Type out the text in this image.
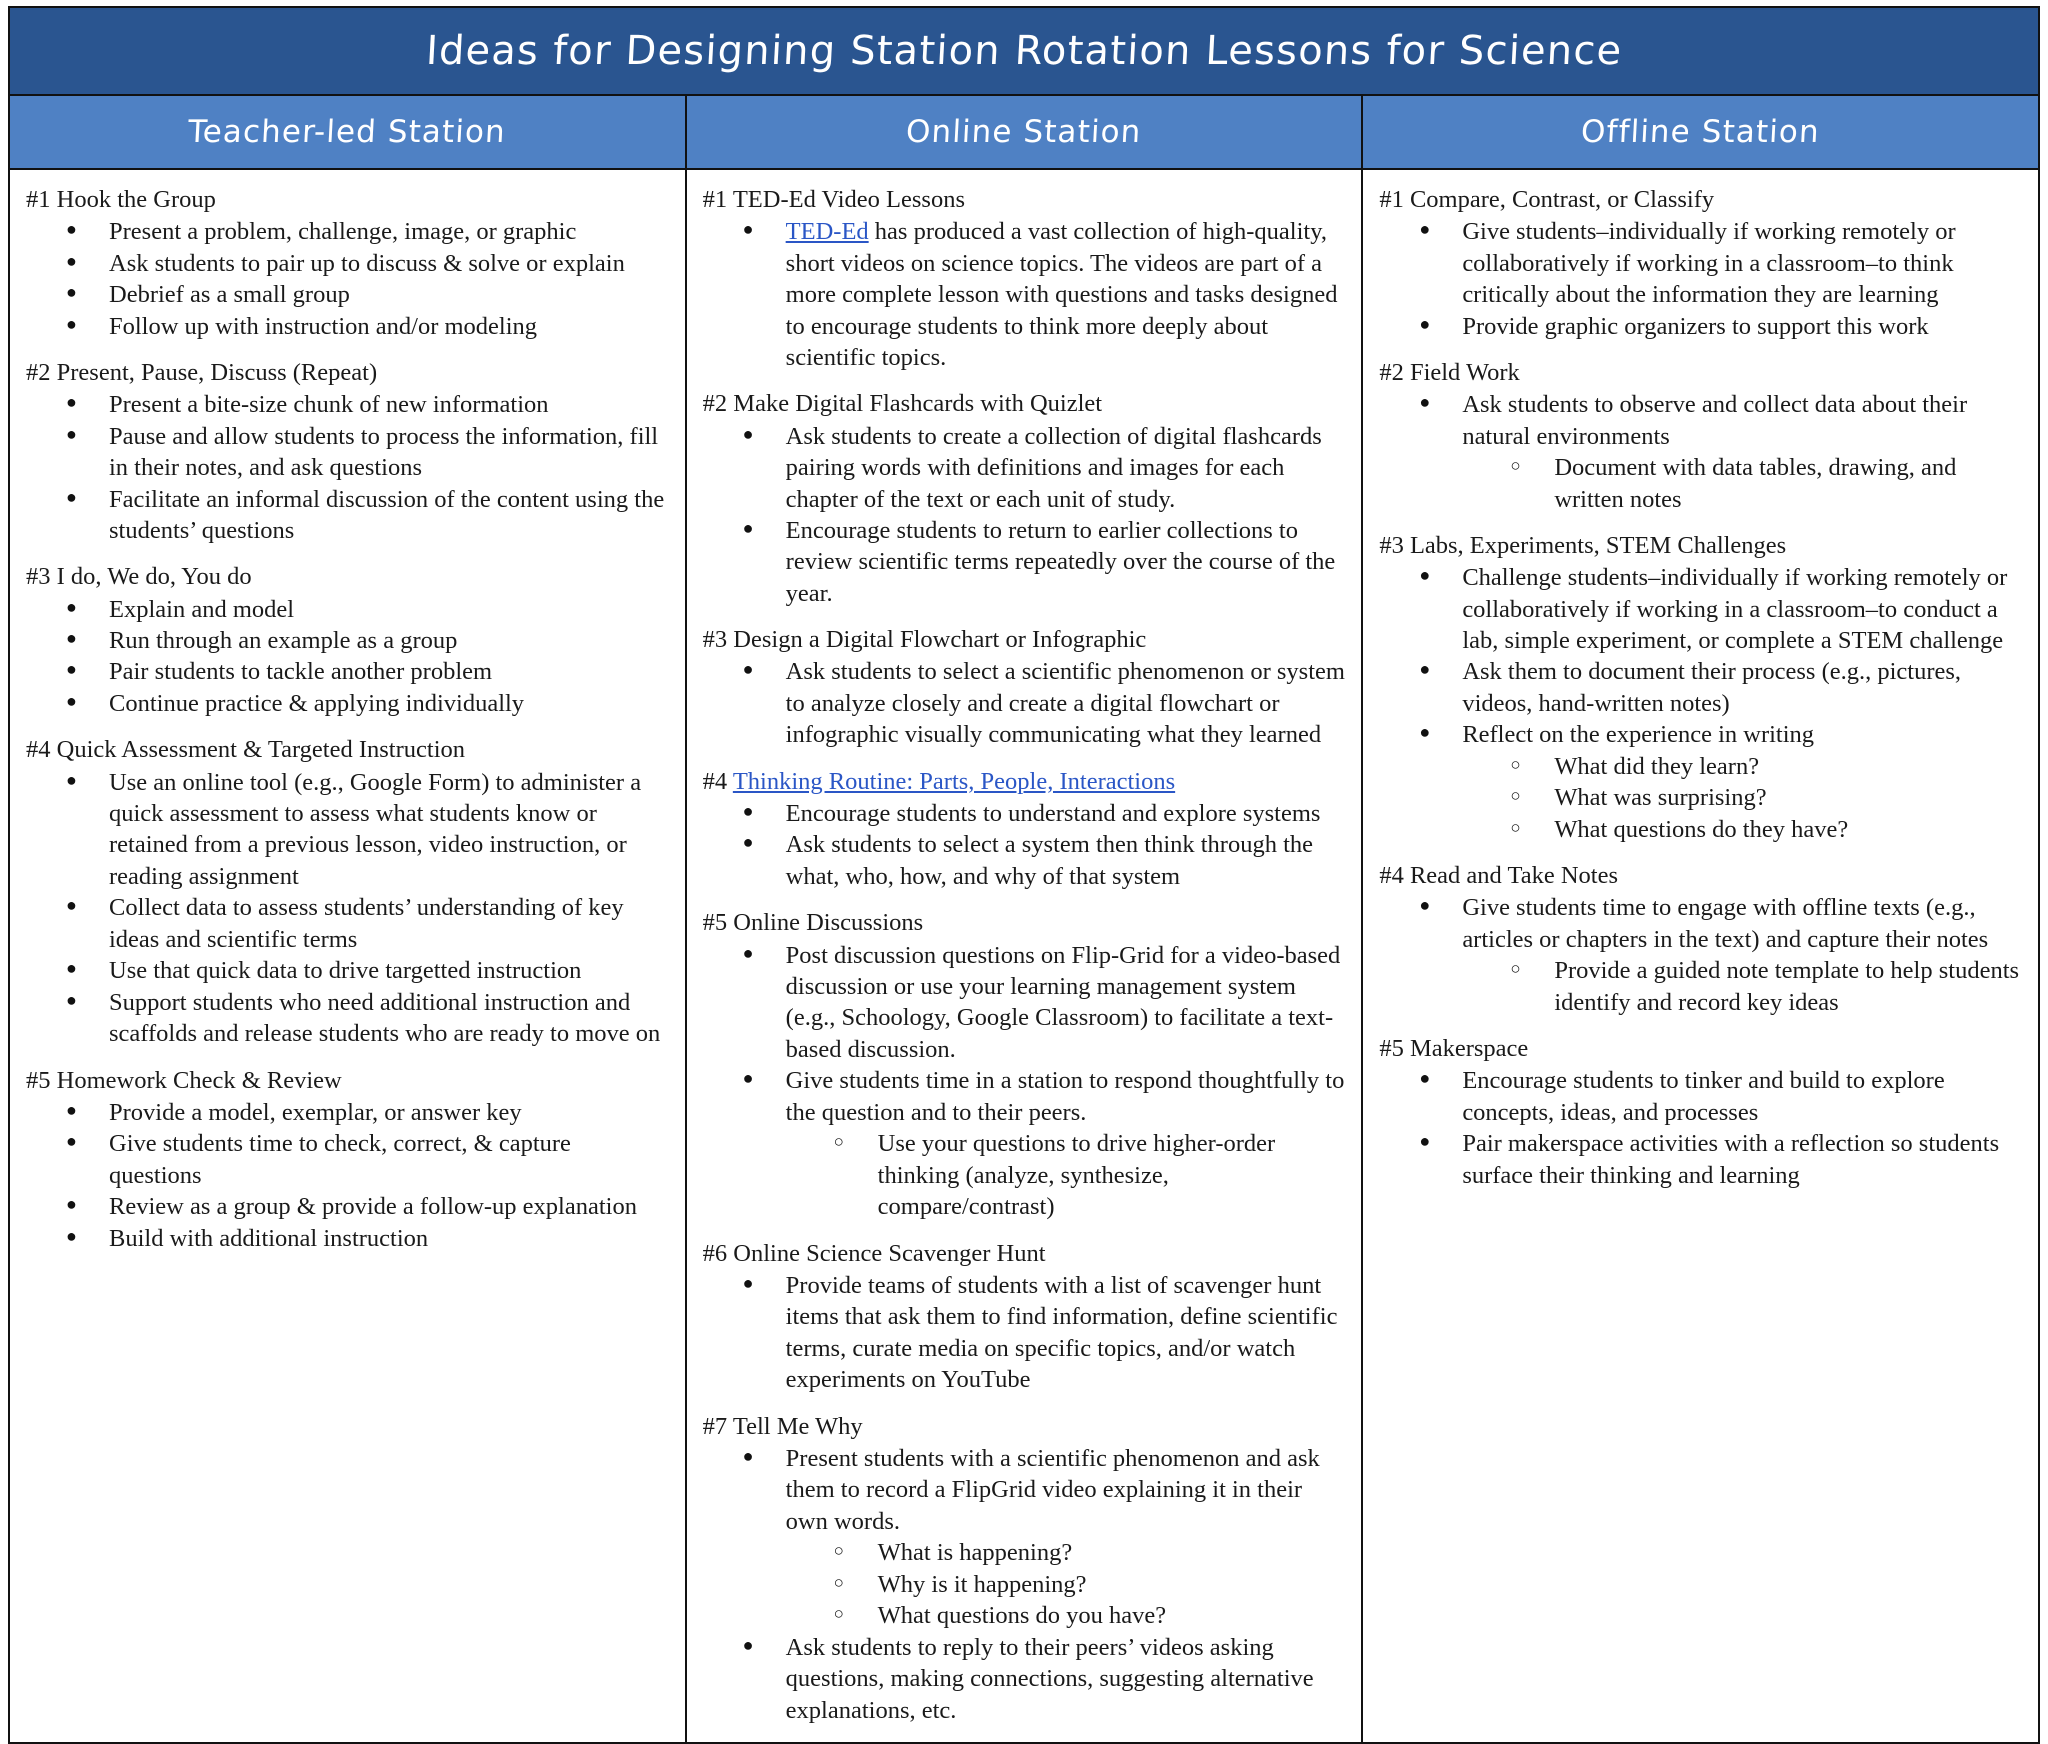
Ideas for Designing Station Rotation Lessons for Science		
Teacher-led Station	Online Station	Offline Station

#1 Hook the Group
● Present a problem, challenge, image, or graphic
● Ask students to pair up to discuss & solve or explain
● Debrief as a small group
● Follow up with instruction and/or modeling
#2 Present, Pause, Discuss (Repeat)
● Present a bite-size chunk of new information
● Pause and allow students to process the information, fill in their notes, and ask questions
● Facilitate an informal discussion of the content using the students’ questions
#3 I do, We do, You do
● Explain and model
● Run through an example as a group
● Pair students to tackle another problem
● Continue practice & applying individually
#4 Quick Assessment & Targeted Instruction
● Use an online tool (e.g., Google Form) to administer a quick assessment to assess what students know or retained from a previous lesson, video instruction, or reading assignment
● Collect data to assess students’ understanding of key ideas and scientific terms
● Use that quick data to drive targetted instruction
● Support students who need additional instruction and scaffolds and release students who are ready to move on
#5 Homework Check & Review
● Provide a model, exemplar, or answer key
● Give students time to check, correct, & capture questions
● Review as a group & provide a follow-up explanation
● Build with additional instruction

#1 TED-Ed Video Lessons
● TED-Ed has produced a vast collection of high-quality, short videos on science topics. The videos are part of a more complete lesson with questions and tasks designed to encourage students to think more deeply about scientific topics.
#2 Make Digital Flashcards with Quizlet
● Ask students to create a collection of digital flashcards pairing words with definitions and images for each chapter of the text or each unit of study.
● Encourage students to return to earlier collections to review scientific terms repeatedly over the course of the year.
#3 Design a Digital Flowchart or Infographic
● Ask students to select a scientific phenomenon or system to analyze closely and create a digital flowchart or infographic visually communicating what they learned
#4 Thinking Routine: Parts, People, Interactions
● Encourage students to understand and explore systems
● Ask students to select a system then think through the what, who, how, and why of that system
#5 Online Discussions
● Post discussion questions on Flip-Grid for a video-based discussion or use your learning management system (e.g., Schoology, Google Classroom) to facilitate a text-based discussion.
● Give students time in a station to respond thoughtfully to the question and to their peers.
○ Use your questions to drive higher-order thinking (analyze, synthesize, compare/contrast)
#6 Online Science Scavenger Hunt
● Provide teams of students with a list of scavenger hunt items that ask them to find information, define scientific terms, curate media on specific topics, and/or watch experiments on YouTube
#7 Tell Me Why
● Present students with a scientific phenomenon and ask them to record a FlipGrid video explaining it in their own words.
○ What is happening?
○ Why is it happening?
○ What questions do you have?
● Ask students to reply to their peers’ videos asking questions, making connections, suggesting alternative explanations, etc.

#1 Compare, Contrast, or Classify
● Give students–individually if working remotely or collaboratively if working in a classroom–to think critically about the information they are learning
● Provide graphic organizers to support this work
#2 Field Work
● Ask students to observe and collect data about their natural environments
○ Document with data tables, drawing, and written notes
#3 Labs, Experiments, STEM Challenges
● Challenge students–individually if working remotely or collaboratively if working in a classroom–to conduct a lab, simple experiment, or complete a STEM challenge
● Ask them to document their process (e.g., pictures, videos, hand-written notes)
● Reflect on the experience in writing
○ What did they learn?
○ What was surprising?
○ What questions do they have?
#4 Read and Take Notes
● Give students time to engage with offline texts (e.g., articles or chapters in the text) and capture their notes
○ Provide a guided note template to help students identify and record key ideas
#5 Makerspace
● Encourage students to tinker and build to explore concepts, ideas, and processes
● Pair makerspace activities with a reflection so students surface their thinking and learning
